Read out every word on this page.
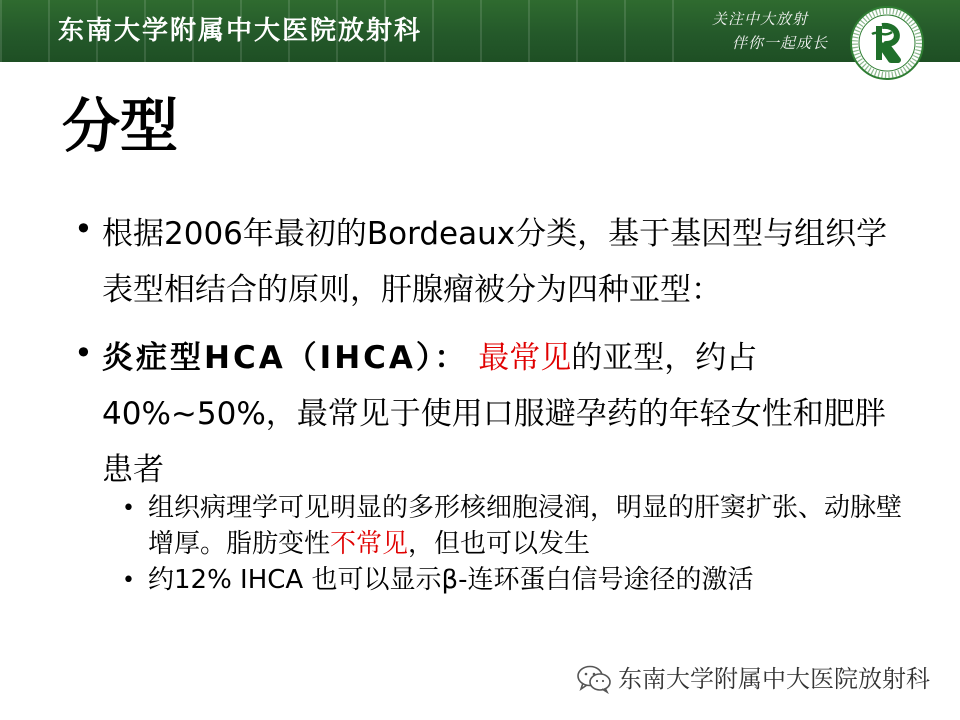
东南大学附属中大医院放射科	关注中大放射
伴你一起成长
分型
• 根据2006年最初的Bordeaux分类，基于基因型与组织学表型相结合的原则，肝腺瘤被分为四种亚型：
• 炎症型HCA（IHCA）： 最常见的亚型，约占40%~50%，最常见于使用口服避孕药的年轻女性和肥胖患者
• 组织病理学可见明显的多形核细胞浸润，明显的肝窦扩张、动脉壁增厚。脂肪变性不常见，但也可以发生
• 约12% IHCA 也可以显示β-连环蛋白信号途径的激活
东南大学附属中大医院放射科
